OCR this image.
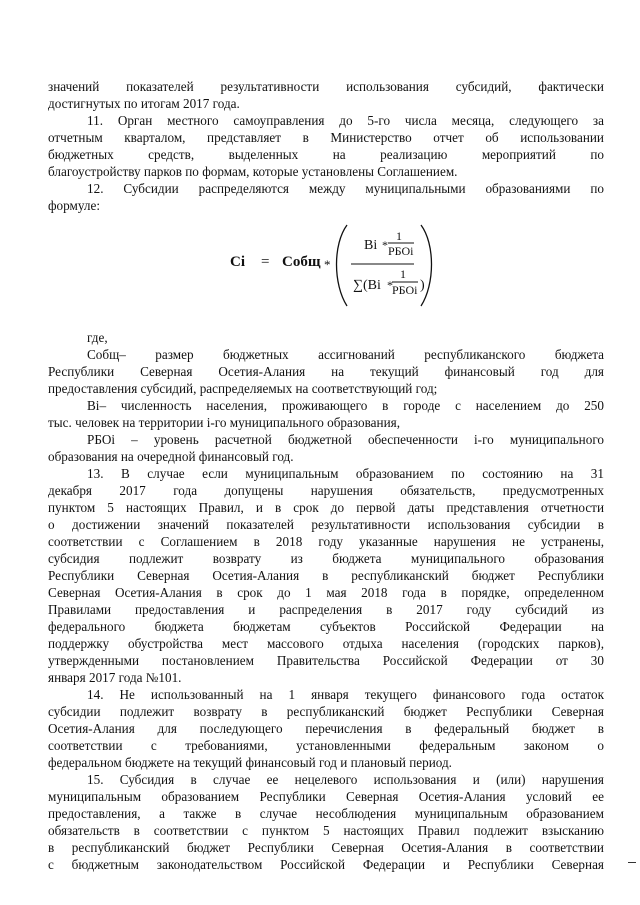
значений показателей результативности использования субсидий, фактически
достигнутых по итогам 2017 года.
11. Орган местного самоуправления до 5-го числа месяца, следующего за
отчетным кварталом, представляет в Министерство отчет об использовании
бюджетных средств, выделенных на реализацию мероприятий по
благоустройству парков по формам, которые установлены Соглашением.
12. Субсидии распределяются между муниципальными образованиями по
формуле:
Ci = Cобщ *
Bi *
1
РБОi
∑(Bi *
1
РБОi )
где,
Cобщ– размер бюджетных ассигнований республиканского бюджета
Республики Северная Осетия-Алания на текущий финансовый год для
предоставления субсидий, распределяемых на соответствующий год;
Bi– численность населения, проживающего в городе с населением до 250
тыс. человек на территории i-го муниципального образования,
РБОi – уровень расчетной бюджетной обеспеченности i-го муниципального
образования на очередной финансовый год.
13. В случае если муниципальным образованием по состоянию на 31
декабря 2017 года допущены нарушения обязательств, предусмотренных
пунктом 5 настоящих Правил, и в срок до первой даты представления отчетности
о достижении значений показателей результативности использования субсидии в
соответствии с Соглашением в 2018 году указанные нарушения не устранены,
субсидия подлежит возврату из бюджета муниципального образования
Республики Северная Осетия-Алания в республиканский бюджет Республики
Северная Осетия-Алания в срок до 1 мая 2018 года в порядке, определенном
Правилами предоставления и распределения в 2017 году субсидий из
федерального бюджета бюджетам субъектов Российской Федерации на
поддержку обустройства мест массового отдыха населения (городских парков),
утвержденными постановлением Правительства Российской Федерации от 30
января 2017 года №101.
14. Не использованный на 1 января текущего финансового года остаток
субсидии подлежит возврату в республиканский бюджет Республики Северная
Осетия-Алания для последующего перечисления в федеральный бюджет в
соответствии с требованиями, установленными федеральным законом о
федеральном бюджете на текущий финансовый год и плановый период.
15. Субсидия в случае ее нецелевого использования и (или) нарушения
муниципальным образованием Республики Северная Осетия-Алания условий ее
предоставления, а также в случае несоблюдения муниципальным образованием
обязательств в соответствии с пунктом 5 настоящих Правил подлежит взысканию
в республиканский бюджет Республики Северная Осетия-Алания в соответствии
с бюджетным законодательством Российской Федерации и Республики Северная
